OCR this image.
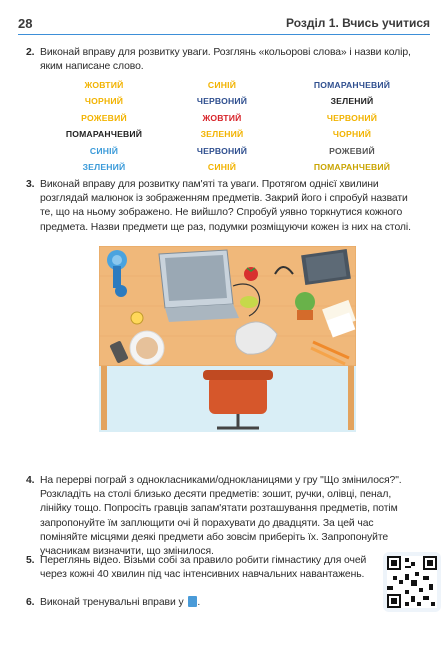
28	Розділ 1. Вчись учитися
2. Виконай вправу для розвитку уваги. Розглянь «кольорові слова» і назви колір, яким написане слово.
ЖОВТИЙ	СИНІЙ	ПОМАРАНЧЕВИЙ
ЧОРНИЙ	ЧЕРВОНИЙ	ЗЕЛЕНИЙ
РОЖЕВИЙ	ЖОВТИЙ	ЧЕРВОНИЙ
ПОМАРАНЧЕВИЙ	ЗЕЛЕНИЙ	ЧОРНИЙ
СИНІЙ	ЧЕРВОНИЙ	РОЖЕВИЙ
ЗЕЛЕНИЙ	СИНІЙ	ПОМАРАНЧЕВИЙ
3. Виконай вправу для розвитку пам'яті та уваги. Протягом однієї хвилини розглядай малюнок із зображенням предметів. Закрий його і спробуй назвати те, що на ньому зображено. Не вийшло? Спробуй уявно торкнутися кожного предмета. Назви предмети ще раз, подумки розміщуючи кожен із них на столі.
4. На перерві пограй з однокласниками/однокланицями у гру "Що змінилося?". Розкладіть на столі близько десяти предметів: зошит, ручки, олівці, пенал, лінійку тощо. Попросіть гравців запам'ятати розташування предметів, потім запропонуйте їм заплющити очі й порахувати до двадцяти. За цей час поміняйте місцями деякі предмети або зовсім приберіть їх. Запропонуйте учасникам визначити, що змінилося.
5. Переглянь відео. Візьми собі за правило робити гімнастику для очей через кожні 40 хвилин під час інтенсивних навчальних навантажень.
6. Виконай тренувальні вправи у .
